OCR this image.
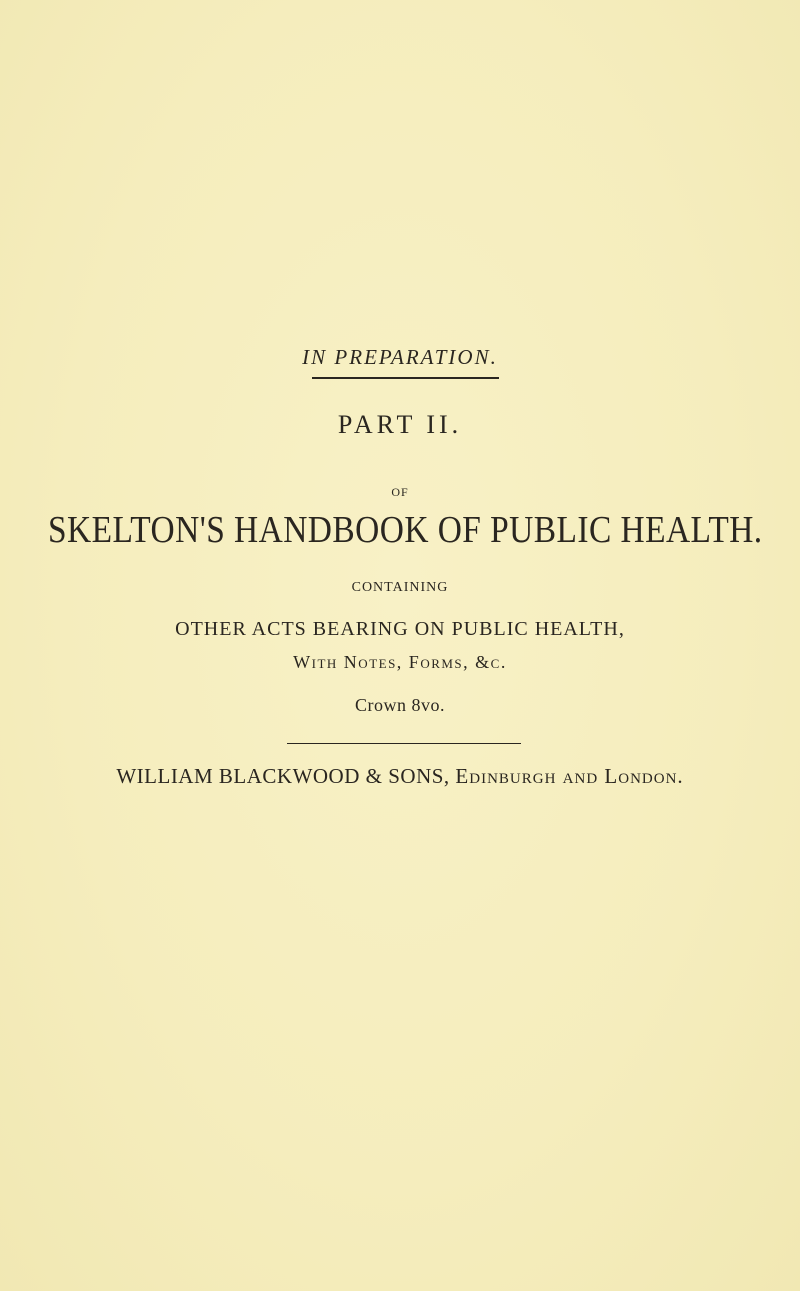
IN PREPARATION.
PART II.
OF
SKELTON'S HANDBOOK OF PUBLIC HEALTH.
CONTAINING
OTHER ACTS BEARING ON PUBLIC HEALTH,
With Notes, Forms, &c.
Crown 8vo.
WILLIAM BLACKWOOD & SONS, Edinburgh and London.
